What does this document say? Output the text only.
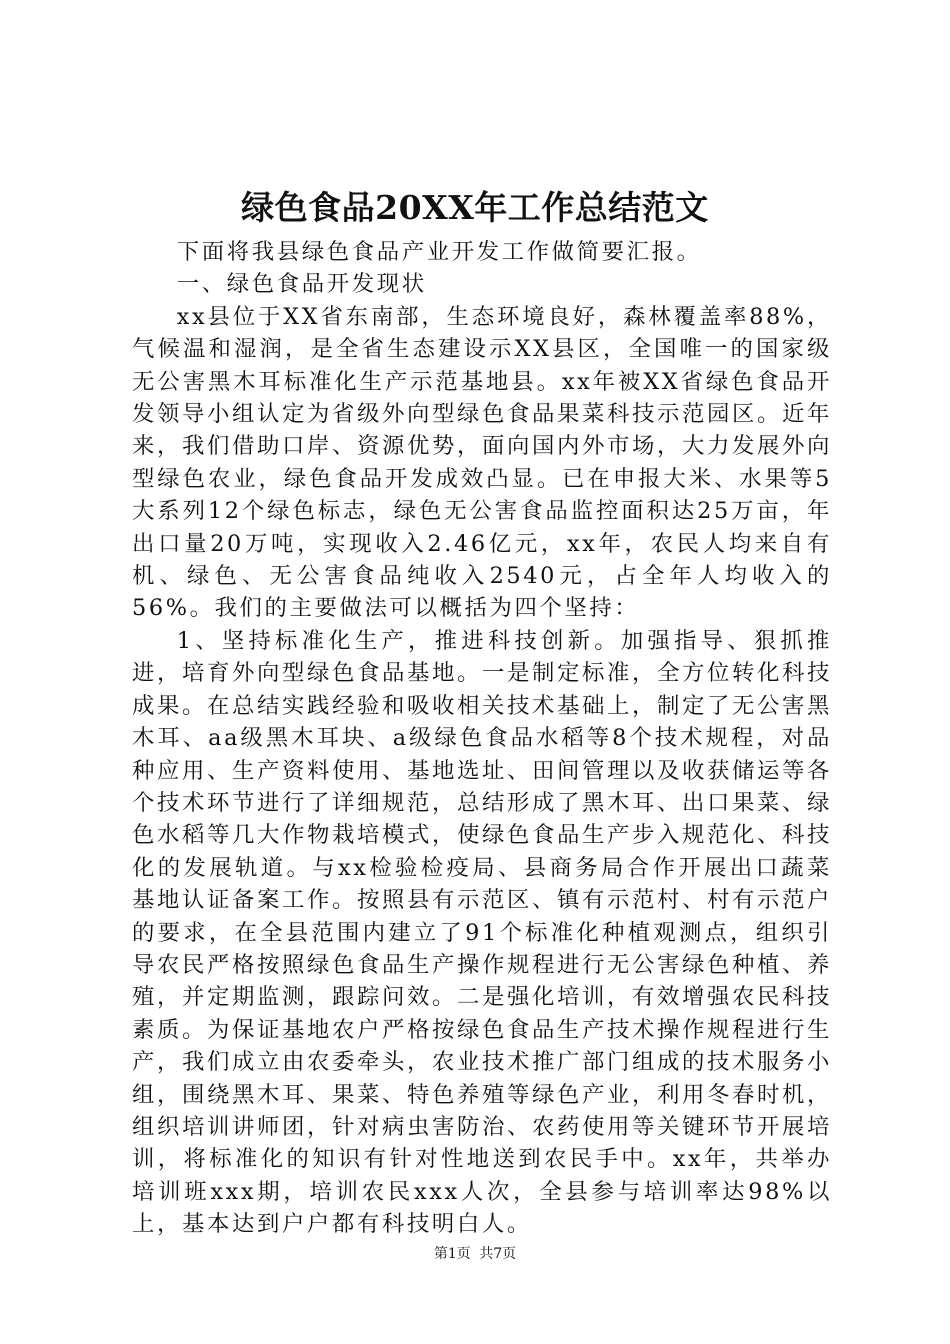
绿色食品20XX年工作总结范文

下面将我县绿色食品产业开发工作做简要汇报。

一、绿色食品开发现状

xx县位于XX省东南部，生态环境良好，森林覆盖率88%，气候温和湿润，是全省生态建设示XX县区，全国唯一的国家级无公害黑木耳标准化生产示范基地县。xx年被XX省绿色食品开发领导小组认定为省级外向型绿色食品果菜科技示范园区。近年来，我们借助口岸、资源优势，面向国内外市场，大力发展外向型绿色农业，绿色食品开发成效凸显。已在申报大米、水果等5大系列12个绿色标志，绿色无公害食品监控面积达25万亩，年出口量20万吨，实现收入2.46亿元，xx年，农民人均来自有机、绿色、无公害食品纯收入2540元，占全年人均收入的56%。我们的主要做法可以概括为四个坚持：

1、坚持标准化生产，推进科技创新。加强指导、狠抓推进，培育外向型绿色食品基地。一是制定标准，全方位转化科技成果。在总结实践经验和吸收相关技术基础上，制定了无公害黑木耳、aa级黑木耳块、a级绿色食品水稻等8个技术规程，对品种应用、生产资料使用、基地选址、田间管理以及收获储运等各个技术环节进行了详细规范，总结形成了黑木耳、出口果菜、绿色水稻等几大作物栽培模式，使绿色食品生产步入规范化、科技化的发展轨道。与xx检验检疫局、县商务局合作开展出口蔬菜基地认证备案工作。按照县有示范区、镇有示范村、村有示范户的要求，在全县范围内建立了91个标准化种植观测点，组织引导农民严格按照绿色食品生产操作规程进行无公害绿色种植、养殖，并定期监测，跟踪问效。二是强化培训，有效增强农民科技素质。为保证基地农户严格按绿色食品生产技术操作规程进行生产，我们成立由农委牵头，农业技术推广部门组成的技术服务小组，围绕黑木耳、果菜、特色养殖等绿色产业，利用冬春时机，组织培训讲师团，针对病虫害防治、农药使用等关键环节开展培训，将标准化的知识有针对性地送到农民手中。xx年，共举办培训班xxx期，培训农民xxx人次，全县参与培训率达98%以上，基本达到户户都有科技明白人。

第1页 共7页
